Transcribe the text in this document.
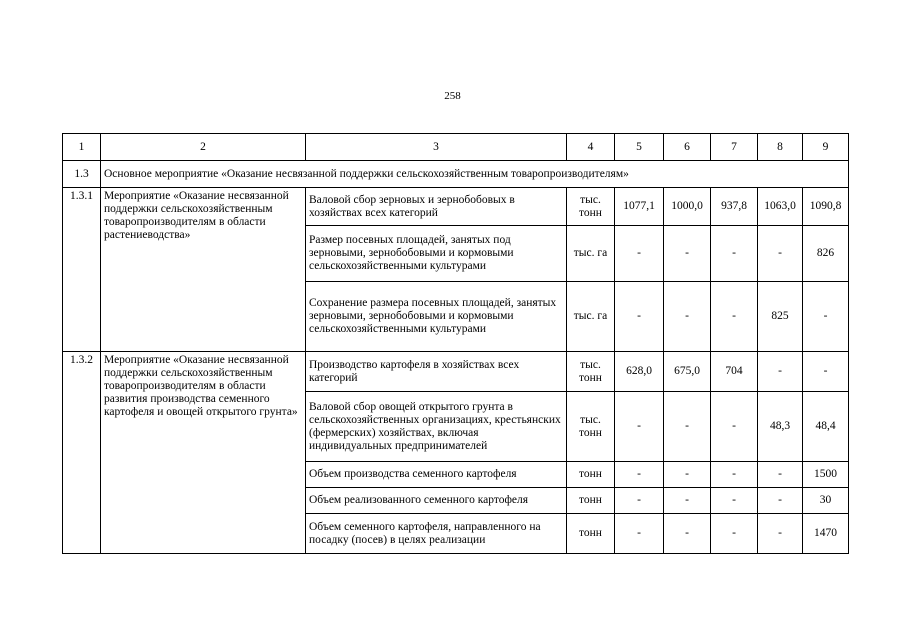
258
1	2	3	4	5	6	7	8	9
1.3	Основное мероприятие «Оказание несвязанной поддержки сельскохозяйственным товаропроизводителям»							
1.3.1	Мероприятие «Оказание несвязанной поддержки сельскохозяйственным товаропроизводителям в области растениеводства»	Валовой сбор зерновых и зернобобовых в хозяйствах всех категорий	тыс. тонн	1077,1	1000,0	937,8	1063,0	1090,8
		Размер посевных площадей, занятых под зерновыми, зернобобовыми и кормовыми сельскохозяйственными культурами	тыс. га	-	-	-	-	826
		Сохранение размера посевных площадей, занятых зерновыми, зернобобовыми и кормовыми сельскохозяйственными культурами	тыс. га	-	-	-	825	-
1.3.2	Мероприятие «Оказание несвязанной поддержки сельскохозяйственным товаропроизводителям в области развития производства семенного картофеля и овощей открытого грунта»	Производство картофеля в хозяйствах всех категорий	тыс. тонн	628,0	675,0	704	-	-
		Валовой сбор овощей открытого грунта в сельскохозяйственных организациях, крестьянских (фермерских) хозяйствах, включая индивидуальных предпринимателей	тыс. тонн	-	-	-	48,3	48,4
		Объем производства семенного картофеля	тонн	-	-	-	-	1500
		Объем реализованного семенного картофеля	тонн	-	-	-	-	30
		Объем семенного картофеля, направленного на посадку (посев) в целях реализации	тонн	-	-	-	-	1470
